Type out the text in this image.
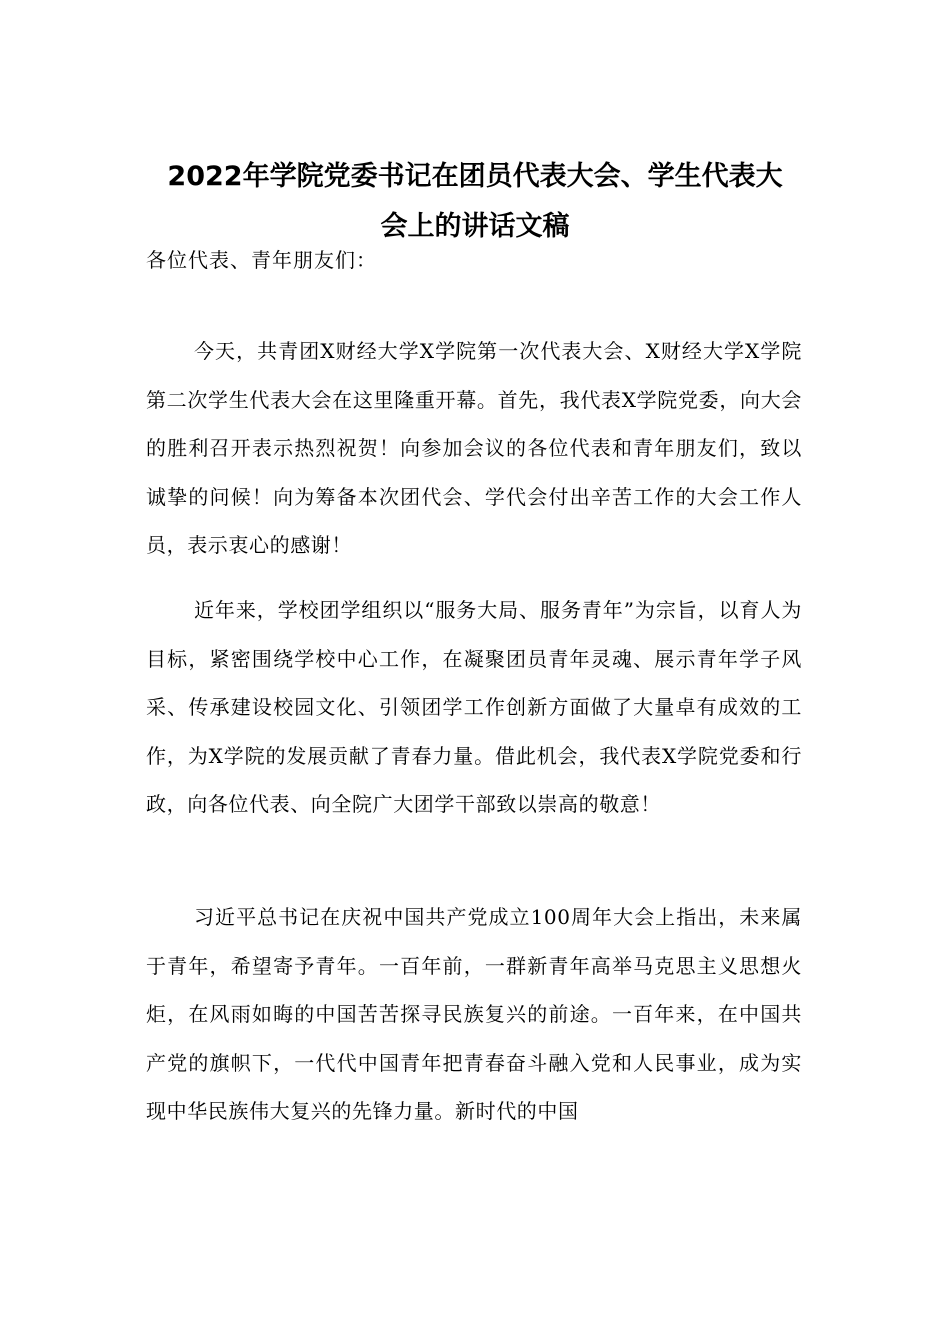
2022年学院党委书记在团员代表大会、学生代表大
会上的讲话文稿

各位代表、青年朋友们：

今天，共青团X财经大学X学院第一次代表大会、X财经大学X学院第二次学生代表大会在这里隆重开幕。首先，我代表X学院党委，向大会的胜利召开表示热烈祝贺！向参加会议的各位代表和青年朋友们，致以诚挚的问候！向为筹备本次团代会、学代会付出辛苦工作的大会工作人员，表示衷心的感谢！

近年来，学校团学组织以“服务大局、服务青年”为宗旨，以育人为目标，紧密围绕学校中心工作，在凝聚团员青年灵魂、展示青年学子风采、传承建设校园文化、引领团学工作创新方面做了大量卓有成效的工作，为X学院的发展贡献了青春力量。借此机会，我代表X学院党委和行政，向各位代表、向全院广大团学干部致以崇高的敬意！

习近平总书记在庆祝中国共产党成立100周年大会上指出，未来属于青年，希望寄予青年。一百年前，一群新青年高举马克思主义思想火炬，在风雨如晦的中国苦苦探寻民族复兴的前途。一百年来，在中国共产党的旗帜下，一代代中国青年把青春奋斗融入党和人民事业，成为实现中华民族伟大复兴的先锋力量。新时代的中国
